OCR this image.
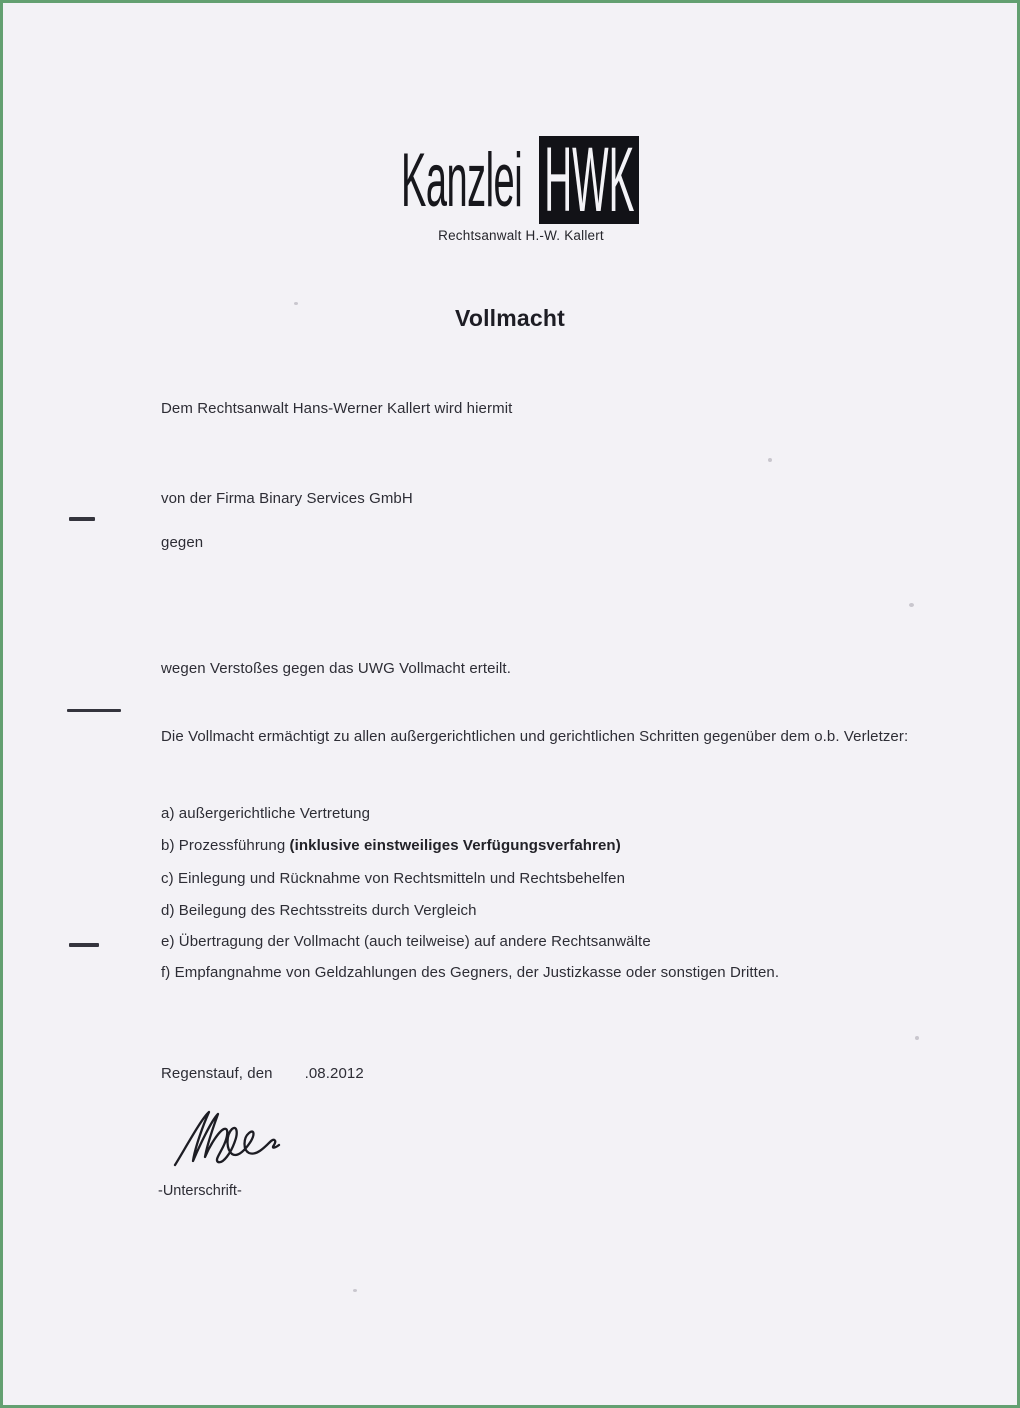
Kanzlei HWK
Rechtsanwalt H.-W. Kallert
Vollmacht
Dem Rechtsanwalt Hans-Werner Kallert wird hiermit
von der Firma Binary Services GmbH
gegen
wegen Verstoßes gegen das UWG Vollmacht erteilt.
Die Vollmacht ermächtigt zu allen außergerichtlichen und gerichtlichen Schritten gegenüber dem o.b. Verletzer:
a) außergerichtliche Vertretung
b) Prozessführung (inklusive einstweiliges Verfügungsverfahren)
c) Einlegung und Rücknahme von Rechtsmitteln und Rechtsbehelfen
d) Beilegung des Rechtsstreits durch Vergleich
e) Übertragung der Vollmacht (auch teilweise) auf andere Rechtsanwälte
f) Empfangnahme von Geldzahlungen des Gegners, der Justizkasse oder sonstigen Dritten.
Regenstauf, den .08.2012
-Unterschrift-
